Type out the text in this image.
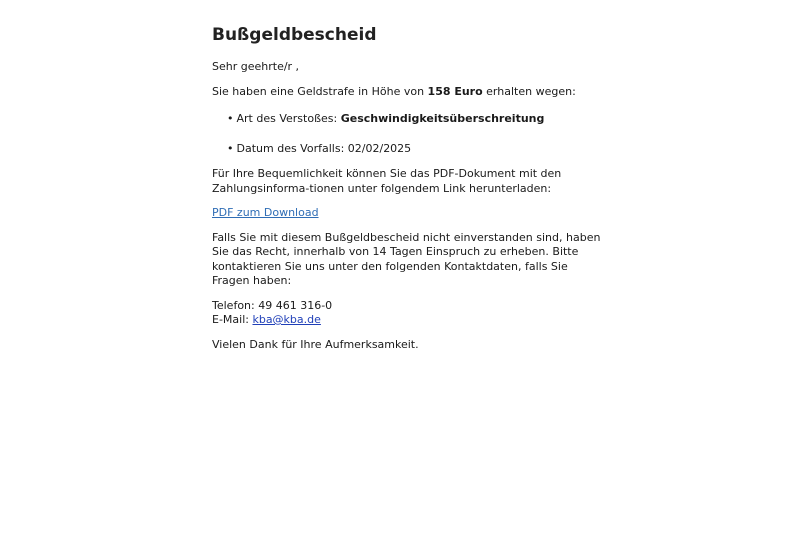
Bußgeldbescheid

Sehr geehrte/r ,

Sie haben eine Geldstrafe in Höhe von 158 Euro erhalten wegen:

• Art des Verstoßes: Geschwindigkeitsüberschreitung
• Datum des Vorfalls: 02/02/2025

Für Ihre Bequemlichkeit können Sie das PDF-Dokument mit den Zahlungsinforma-tionen unter folgendem Link herunterladen:

PDF zum Download

Falls Sie mit diesem Bußgeldbescheid nicht einverstanden sind, haben Sie das Recht, innerhalb von 14 Tagen Einspruch zu erheben. Bitte kontaktieren Sie uns unter den folgenden Kontaktdaten, falls Sie Fragen haben:

Telefon: 49 461 316-0
E-Mail: kba@kba.de

Vielen Dank für Ihre Aufmerksamkeit.
